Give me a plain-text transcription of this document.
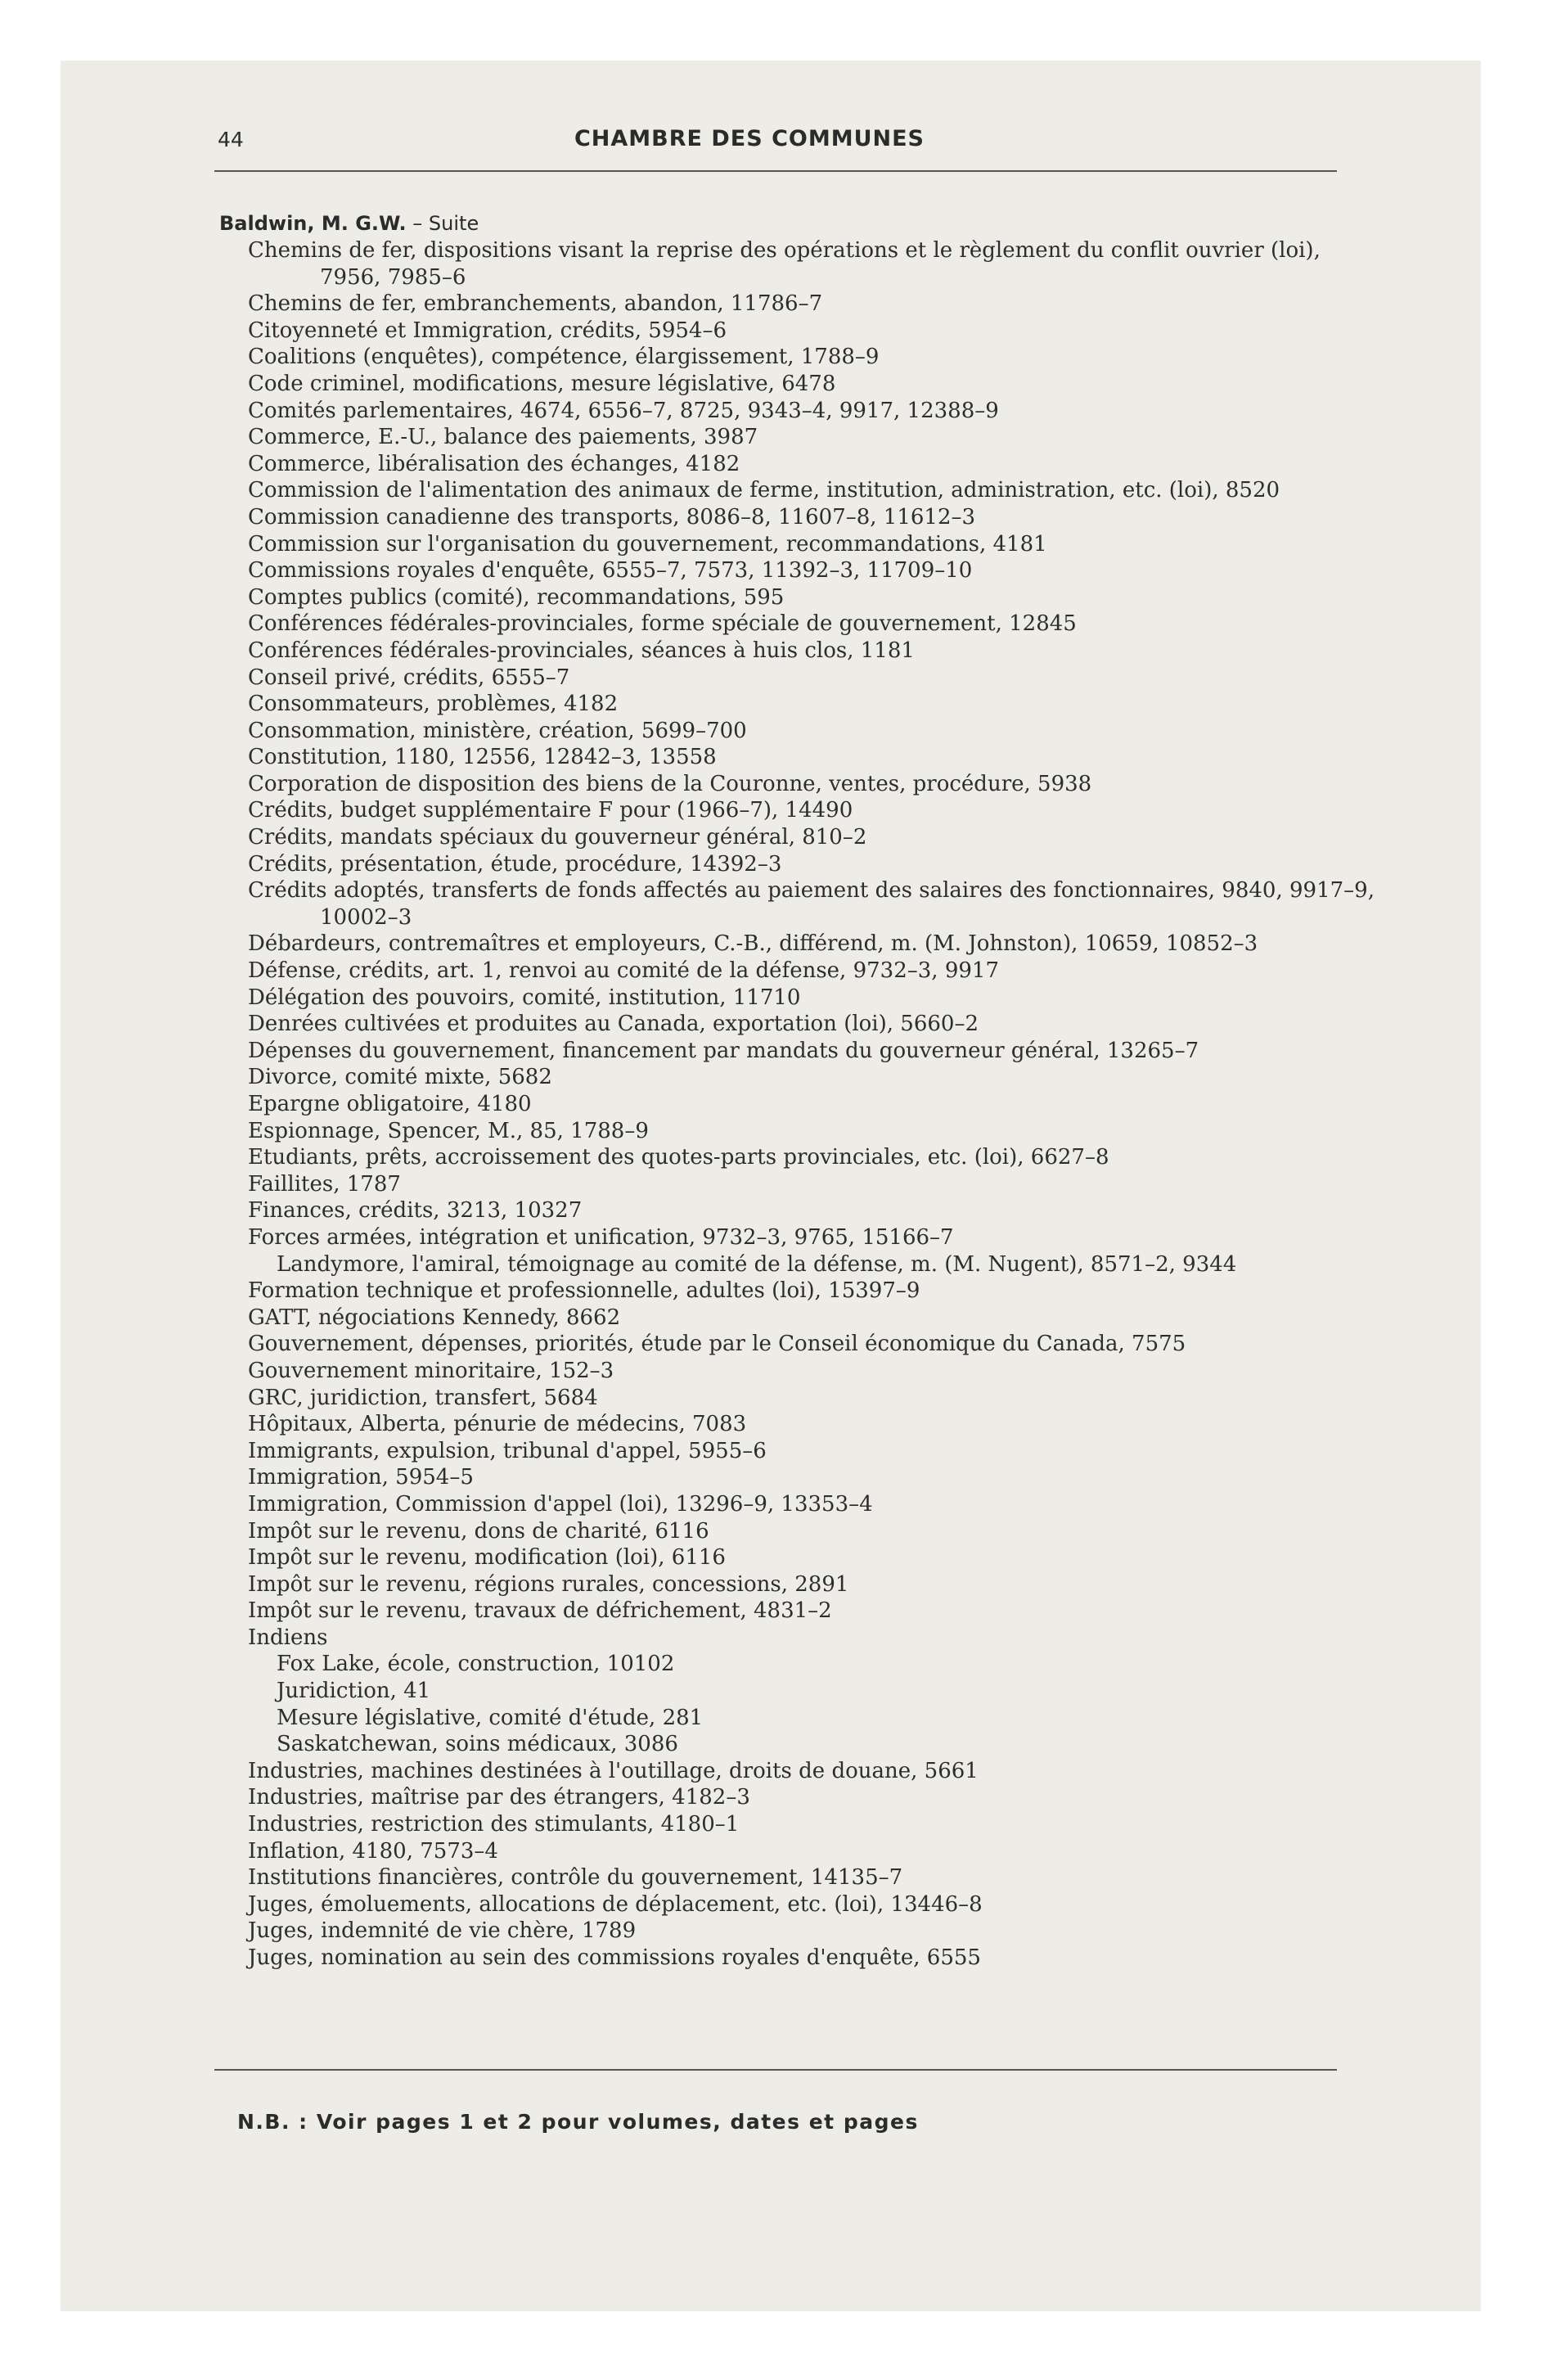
44	CHAMBRE DES COMMUNES
Baldwin, M. G.W. – Suite
Chemins de fer, dispositions visant la reprise des opérations et le règlement du conflit ouvrier (loi), 7956, 7985–6
Chemins de fer, embranchements, abandon, 11786–7
Citoyenneté et Immigration, crédits, 5954–6
Coalitions (enquêtes), compétence, élargissement, 1788–9
Code criminel, modifications, mesure législative, 6478
Comités parlementaires, 4674, 6556–7, 8725, 9343–4, 9917, 12388–9
Commerce, E.-U., balance des paiements, 3987
Commerce, libéralisation des échanges, 4182
Commission de l'alimentation des animaux de ferme, institution, administration, etc. (loi), 8520
Commission canadienne des transports, 8086–8, 11607–8, 11612–3
Commission sur l'organisation du gouvernement, recommandations, 4181
Commissions royales d'enquête, 6555–7, 7573, 11392–3, 11709–10
Comptes publics (comité), recommandations, 595
Conférences fédérales-provinciales, forme spéciale de gouvernement, 12845
Conférences fédérales-provinciales, séances à huis clos, 1181
Conseil privé, crédits, 6555–7
Consommateurs, problèmes, 4182
Consommation, ministère, création, 5699–700
Constitution, 1180, 12556, 12842–3, 13558
Corporation de disposition des biens de la Couronne, ventes, procédure, 5938
Crédits, budget supplémentaire F pour (1966–7), 14490
Crédits, mandats spéciaux du gouverneur général, 810–2
Crédits, présentation, étude, procédure, 14392–3
Crédits adoptés, transferts de fonds affectés au paiement des salaires des fonctionnaires, 9840, 9917–9, 10002–3
Débardeurs, contremaîtres et employeurs, C.-B., différend, m. (M. Johnston), 10659, 10852–3
Défense, crédits, art. 1, renvoi au comité de la défense, 9732–3, 9917
Délégation des pouvoirs, comité, institution, 11710
Denrées cultivées et produites au Canada, exportation (loi), 5660–2
Dépenses du gouvernement, financement par mandats du gouverneur général, 13265–7
Divorce, comité mixte, 5682
Epargne obligatoire, 4180
Espionnage, Spencer, M., 85, 1788–9
Etudiants, prêts, accroissement des quotes-parts provinciales, etc. (loi), 6627–8
Faillites, 1787
Finances, crédits, 3213, 10327
Forces armées, intégration et unification, 9732–3, 9765, 15166–7
Landymore, l'amiral, témoignage au comité de la défense, m. (M. Nugent), 8571–2, 9344
Formation technique et professionnelle, adultes (loi), 15397–9
GATT, négociations Kennedy, 8662
Gouvernement, dépenses, priorités, étude par le Conseil économique du Canada, 7575
Gouvernement minoritaire, 152–3
GRC, juridiction, transfert, 5684
Hôpitaux, Alberta, pénurie de médecins, 7083
Immigrants, expulsion, tribunal d'appel, 5955–6
Immigration, 5954–5
Immigration, Commission d'appel (loi), 13296–9, 13353–4
Impôt sur le revenu, dons de charité, 6116
Impôt sur le revenu, modification (loi), 6116
Impôt sur le revenu, régions rurales, concessions, 2891
Impôt sur le revenu, travaux de défrichement, 4831–2
Indiens
Fox Lake, école, construction, 10102
Juridiction, 41
Mesure législative, comité d'étude, 281
Saskatchewan, soins médicaux, 3086
Industries, machines destinées à l'outillage, droits de douane, 5661
Industries, maîtrise par des étrangers, 4182–3
Industries, restriction des stimulants, 4180–1
Inflation, 4180, 7573–4
Institutions financières, contrôle du gouvernement, 14135–7
Juges, émoluements, allocations de déplacement, etc. (loi), 13446–8
Juges, indemnité de vie chère, 1789
Juges, nomination au sein des commissions royales d'enquête, 6555
N.B. : Voir pages 1 et 2 pour volumes, dates et pages
